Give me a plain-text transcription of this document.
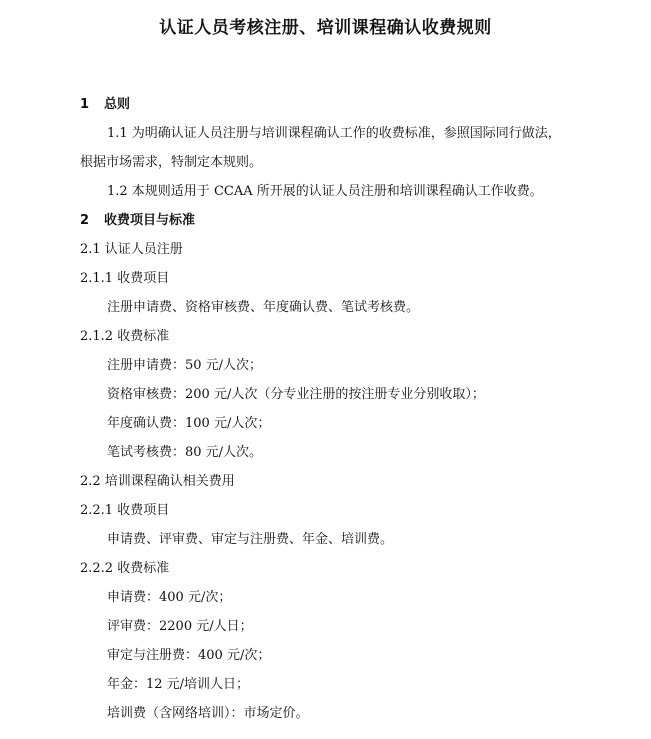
认证人员考核注册、培训课程确认收费规则
1 总则
1.1 为明确认证人员注册与培训课程确认工作的收费标准，参照国际同行做法，
根据市场需求，特制定本规则。
1.2 本规则适用于 CCAA 所开展的认证人员注册和培训课程确认工作收费。
2 收费项目与标准
2.1 认证人员注册
2.1.1 收费项目
注册申请费、资格审核费、年度确认费、笔试考核费。
2.1.2 收费标准
注册申请费：50 元/人次；
资格审核费：200 元/人次（分专业注册的按注册专业分别收取）；
年度确认费：100 元/人次；
笔试考核费：80 元/人次。
2.2 培训课程确认相关费用
2.2.1 收费项目
申请费、评审费、审定与注册费、年金、培训费。
2.2.2 收费标准
申请费：400 元/次；
评审费：2200 元/人日；
审定与注册费：400 元/次；
年金：12 元/培训人日；
培训费（含网络培训）：市场定价。
